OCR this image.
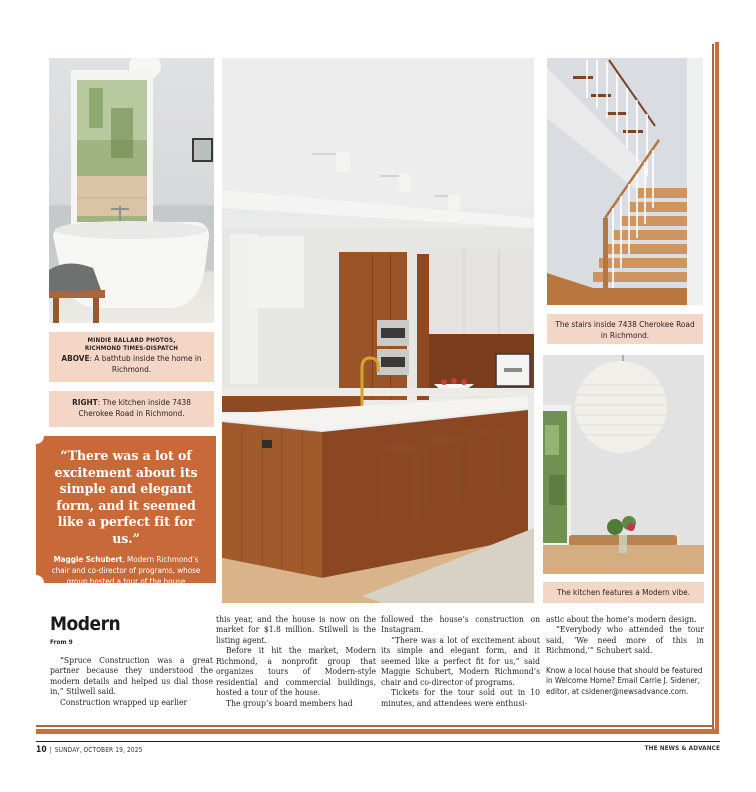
MINDIE BALLARD PHOTOS,
RICHMOND TIMES-DISPATCH
ABOVE: A bathtub inside the home in Richmond.
RIGHT: The kitchen inside 7438 Cherokee Road in Richmond.
The stairs inside 7438 Cherokee Road in Richmond.
The kitchen features a Modern vibe.
“There was a lot of excitement about its simple and elegant form, and it seemed like a perfect fit for us.”
Maggie Schubert, Modern Richmond’s chair and co-director of programs, whose group hosted a tour of the house
Modern
From 9

“Spruce Construction was a great partner because they understood the modern details and helped us dial those in,” Stilwell said.

Construction wrapped up earlier

this year, and the house is now on the market for $1.8 million. Stilwell is the listing agent.

Before it hit the market, Modern Richmond, a nonprofit group that organizes tours of Modern-style residential and commercial buildings, hosted a tour of the house.

The group’s board members had

followed the house’s construction on Instagram.

“There was a lot of excitement about its simple and elegant form, and it seemed like a perfect fit for us,” said Maggie Schubert, Modern Richmond’s chair and co-director of programs.

Tickets for the tour sold out in 10 minutes, and attendees were enthusi-

astic about the home’s modern design.

“Everybody who attended the tour said, ‘We need more of this in Richmond,’” Schubert said.

Know a local house that should be featured in Welcome Home? Email Carrie J. Sidener, editor, at csidener@newsadvance.com.

10 | SUNDAY, OCTOBER 19, 2025	THE NEWS & ADVANCE
